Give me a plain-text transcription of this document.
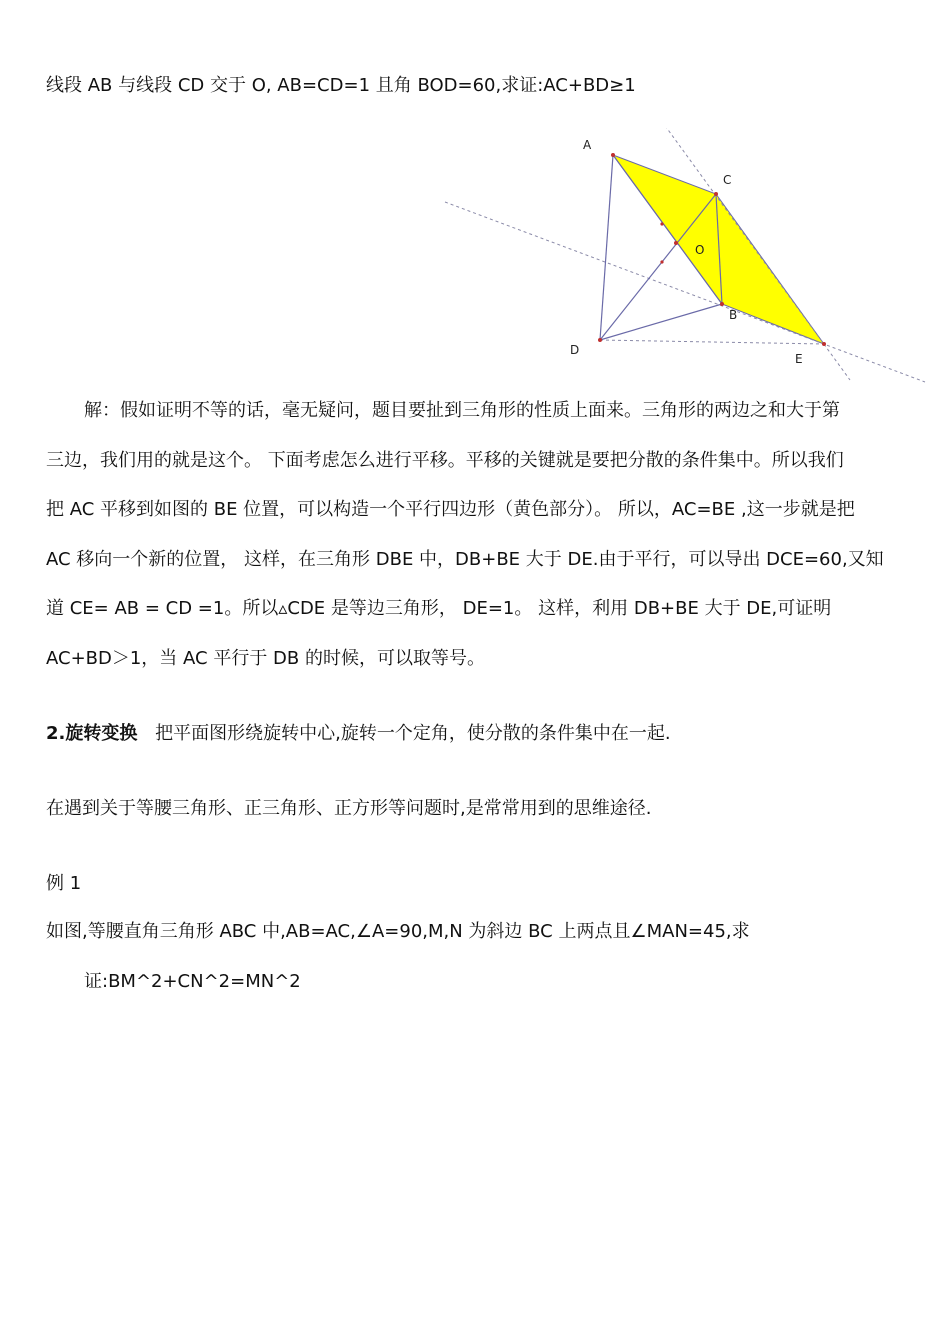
线段 AB 与线段 CD 交于 O, AB=CD=1 且角 BOD=60,求证:AC+BD≥1
A
C
O
B
D
E
解：假如证明不等的话，毫无疑问，题目要扯到三角形的性质上面来。三角形的两边之和大于第
三边，我们用的就是这个。 下面考虑怎么进行平移。平移的关键就是要把分散的条件集中。所以我们
把 AC 平移到如图的 BE 位置，可以构造一个平行四边形（黄色部分）。 所以，AC=BE ,这一步就是把
AC 移向一个新的位置， 这样，在三角形 DBE 中，DB+BE 大于 DE.由于平行，可以导出 DCE=60,又知
道 CE= AB = CD =1。所以▵CDE 是等边三角形， DE=1。 这样，利用 DB+BE 大于 DE,可证明
AC+BD＞1，当 AC 平行于 DB 的时候，可以取等号。
2.旋转变换 把平面图形绕旋转中心,旋转一个定角，使分散的条件集中在一起.
在遇到关于等腰三角形、正三角形、正方形等问题时,是常常用到的思维途径.
例 1
如图,等腰直角三角形 ABC 中,AB=AC,∠A=90,M,N 为斜边 BC 上两点且∠MAN=45,求
证:BM^2+CN^2=MN^2
